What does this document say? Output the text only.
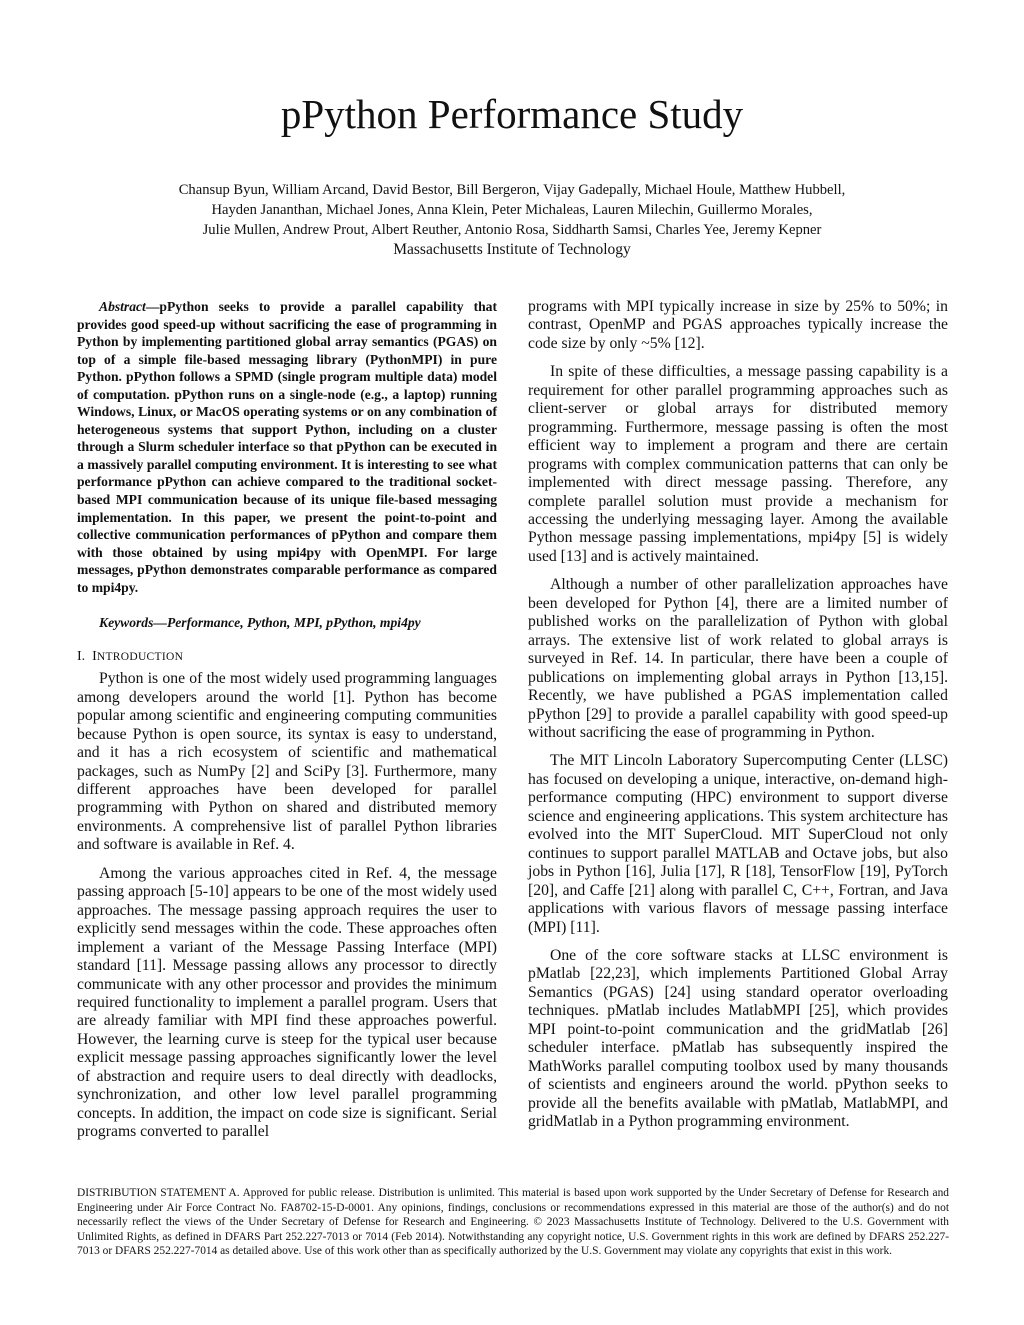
pPython Performance Study
Chansup Byun, William Arcand, David Bestor, Bill Bergeron, Vijay Gadepally, Michael Houle, Matthew Hubbell,
Hayden Jananthan, Michael Jones, Anna Klein, Peter Michaleas, Lauren Milechin, Guillermo Morales,
Julie Mullen, Andrew Prout, Albert Reuther, Antonio Rosa, Siddharth Samsi, Charles Yee, Jeremy Kepner
Massachusetts Institute of Technology

Abstract—pPython seeks to provide a parallel capability that provides good speed-up without sacrificing the ease of programming in Python by implementing partitioned global array semantics (PGAS) on top of a simple file-based messaging library (PythonMPI) in pure Python. pPython follows a SPMD (single program multiple data) model of computation. pPython runs on a single-node (e.g., a laptop) running Windows, Linux, or MacOS operating systems or on any combination of heterogeneous systems that support Python, including on a cluster through a Slurm scheduler interface so that pPython can be executed in a massively parallel computing environment. It is interesting to see what performance pPython can achieve compared to the traditional socket-based MPI communication because of its unique file-based messaging implementation. In this paper, we present the point-to-point and collective communication performances of pPython and compare them with those obtained by using mpi4py with OpenMPI. For large messages, pPython demonstrates comparable performance as compared to mpi4py.

Keywords—Performance, Python, MPI, pPython, mpi4py

I. INTRODUCTION

Python is one of the most widely used programming languages among developers around the world [1]. Python has become popular among scientific and engineering computing communities because Python is open source, its syntax is easy to understand, and it has a rich ecosystem of scientific and mathematical packages, such as NumPy [2] and SciPy [3]. Furthermore, many different approaches have been developed for parallel programming with Python on shared and distributed memory environments. A comprehensive list of parallel Python libraries and software is available in Ref. 4.

Among the various approaches cited in Ref. 4, the message passing approach [5-10] appears to be one of the most widely used approaches. The message passing approach requires the user to explicitly send messages within the code. These approaches often implement a variant of the Message Passing Interface (MPI) standard [11]. Message passing allows any processor to directly communicate with any other processor and provides the minimum required functionality to implement a parallel program. Users that are already familiar with MPI find these approaches powerful. However, the learning curve is steep for the typical user because explicit message passing approaches significantly lower the level of abstraction and require users to deal directly with deadlocks, synchronization, and other low level parallel programming concepts. In addition, the impact on code size is significant. Serial programs converted to parallel

programs with MPI typically increase in size by 25% to 50%; in contrast, OpenMP and PGAS approaches typically increase the code size by only ~5% [12].

In spite of these difficulties, a message passing capability is a requirement for other parallel programming approaches such as client-server or global arrays for distributed memory programming. Furthermore, message passing is often the most efficient way to implement a program and there are certain programs with complex communication patterns that can only be implemented with direct message passing. Therefore, any complete parallel solution must provide a mechanism for accessing the underlying messaging layer. Among the available Python message passing implementations, mpi4py [5] is widely used [13] and is actively maintained.

Although a number of other parallelization approaches have been developed for Python [4], there are a limited number of published works on the parallelization of Python with global arrays. The extensive list of work related to global arrays is surveyed in Ref. 14. In particular, there have been a couple of publications on implementing global arrays in Python [13,15]. Recently, we have published a PGAS implementation called pPython [29] to provide a parallel capability with good speed-up without sacrificing the ease of programming in Python.

The MIT Lincoln Laboratory Supercomputing Center (LLSC) has focused on developing a unique, interactive, on-demand high-performance computing (HPC) environment to support diverse science and engineering applications. This system architecture has evolved into the MIT SuperCloud. MIT SuperCloud not only continues to support parallel MATLAB and Octave jobs, but also jobs in Python [16], Julia [17], R [18], TensorFlow [19], PyTorch [20], and Caffe [21] along with parallel C, C++, Fortran, and Java applications with various flavors of message passing interface (MPI) [11].

One of the core software stacks at LLSC environment is pMatlab [22,23], which implements Partitioned Global Array Semantics (PGAS) [24] using standard operator overloading techniques. pMatlab includes MatlabMPI [25], which provides MPI point-to-point communication and the gridMatlab [26] scheduler interface. pMatlab has subsequently inspired the MathWorks parallel computing toolbox used by many thousands of scientists and engineers around the world. pPython seeks to provide all the benefits available with pMatlab, MatlabMPI, and gridMatlab in a Python programming environment.

DISTRIBUTION STATEMENT A. Approved for public release. Distribution is unlimited. This material is based upon work supported by the Under Secretary of Defense for Research and Engineering under Air Force Contract No. FA8702-15-D-0001. Any opinions, findings, conclusions or recommendations expressed in this material are those of the author(s) and do not necessarily reflect the views of the Under Secretary of Defense for Research and Engineering. © 2023 Massachusetts Institute of Technology. Delivered to the U.S. Government with Unlimited Rights, as defined in DFARS Part 252.227-7013 or 7014 (Feb 2014). Notwithstanding any copyright notice, U.S. Government rights in this work are defined by DFARS 252.227-7013 or DFARS 252.227-7014 as detailed above. Use of this work other than as specifically authorized by the U.S. Government may violate any copyrights that exist in this work.
